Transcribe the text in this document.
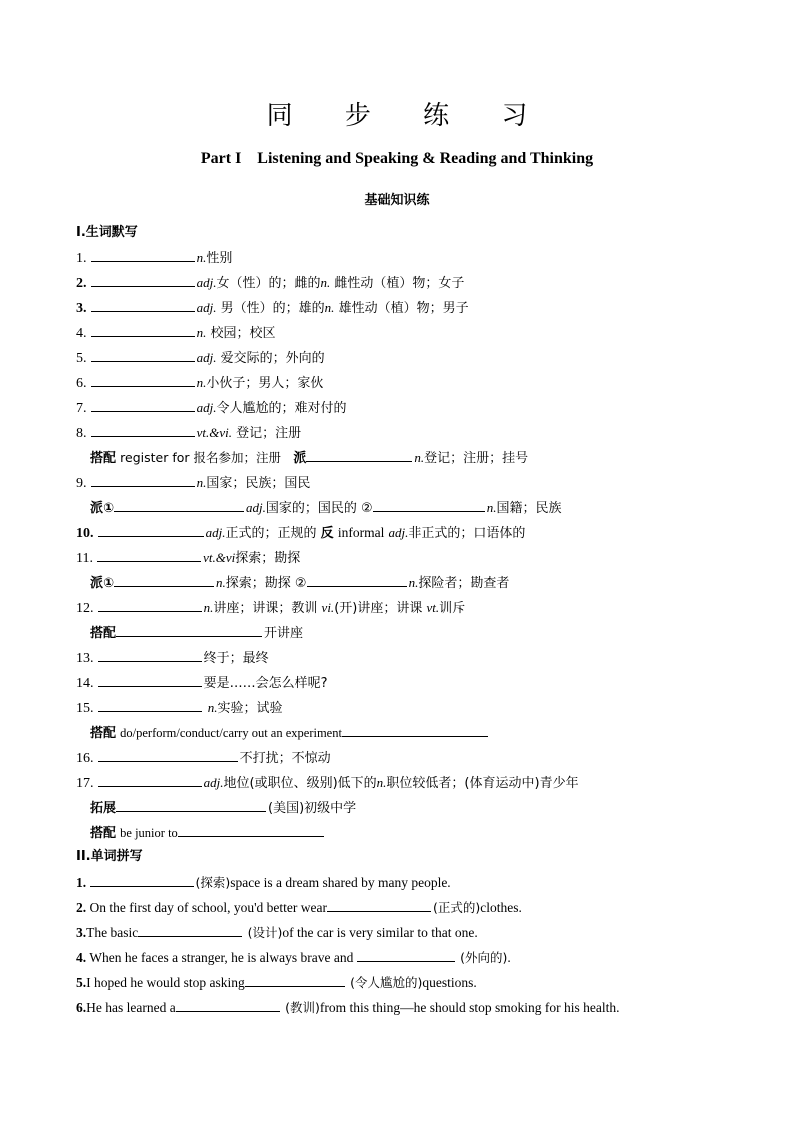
同 步 练 习
Part I    Listening and Speaking & Reading and Thinking
基础知识练
I.生词默写
1.	n.性别
2.	adj.女（性）的；雌的n. 雌性动（植）物；女子
3.	adj. 男（性）的；雄的n. 雄性动（植）物；男子
4.	n. 校园；校区
5.	adj. 爱交际的；外向的
6.	n.小伙子；男人；家伙
7.	adj.令人尴尬的；难对付的
8.	vt.&vi. 登记；注册
搭配 register for 报名参加；注册 派	n.登记；注册；挂号
9.	n.国家；民族；国民
派①	adj.国家的；国民的 ②	n.国籍；民族
10.	adj.正式的；正规的 反 informal adj.非正式的；口语体的
11.	vt.&vi探索；勘探
派①	n.探索；勘探 ②	n.探险者；勘查者
12.	n.讲座；讲课；教训 vi.(开)讲座；讲课 vt.训斥
搭配	开讲座
13.	终于；最终
14.	要是……会怎么样呢?
15.	n.实验；试验
搭配 do/perform/conduct/carry out an experiment
16.	不打扰；不惊动
17.	adj.地位(或职位、级别)低下的n.职位较低者；(体育运动中)青少年
拓展	(美国)初级中学
搭配 be junior to
II.单词拼写
1.	(探索)space is a dream shared by many people.
2. On the first day of school, you'd better wear	(正式的)clothes.
3.The basic	(设计)of the car is very similar to that one.
4. When he faces a stranger, he is always brave and	(外向的).
5.I hoped he would stop asking	(令人尴尬的)questions.
6.He has learned a	(教训)from this thing—he should stop smoking for his health.
